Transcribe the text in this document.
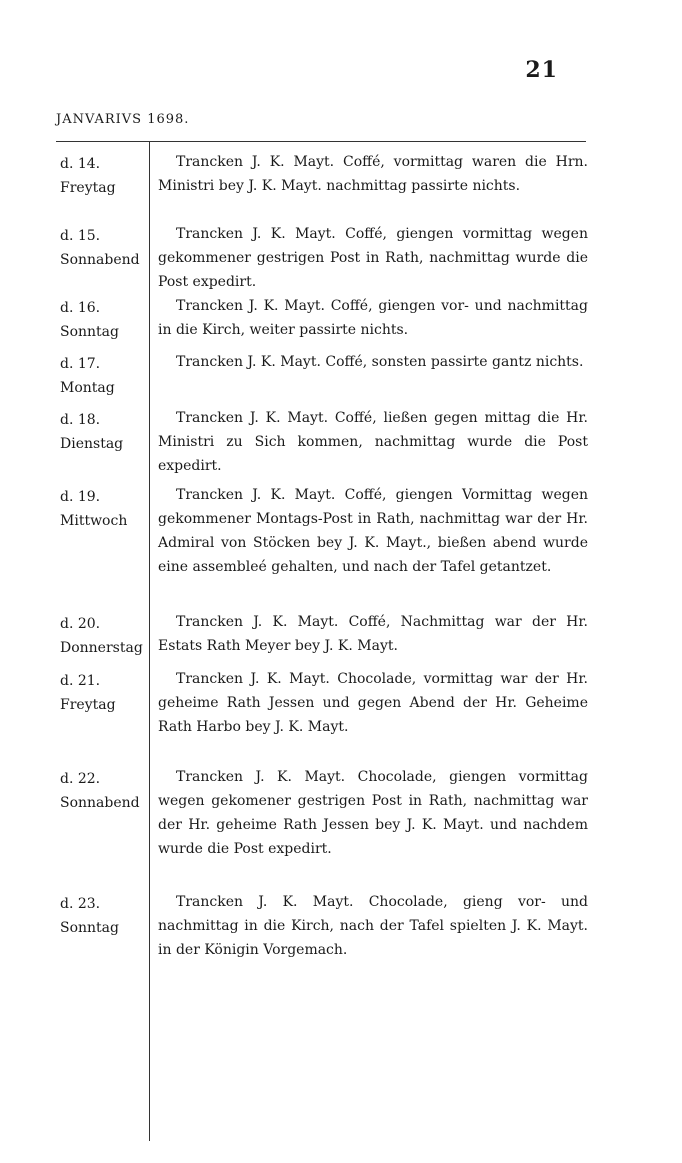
21
JANVARIVS 1698.
d. 14.
Freytag
Trancken J. K. Mayt. Coffé, vormittag waren die Hrn. Ministri bey J. K. Mayt. nachmittag passirte nichts.
d. 15.
Sonnabend
Trancken J. K. Mayt. Coffé, giengen vormittag wegen gekommener gestrigen Post in Rath, nachmittag wurde die Post expedirt.
d. 16.
Sonntag
Trancken J. K. Mayt. Coffé, giengen vor- und nachmittag in die Kirch, weiter passirte nichts.
d. 17.
Montag
Trancken J. K. Mayt. Coffé, sonsten passirte gantz nichts.
d. 18.
Dienstag
Trancken J. K. Mayt. Coffé, ließen gegen mittag die Hr. Ministri zu Sich kommen, nachmittag wurde die Post expedirt.
d. 19.
Mittwoch
Trancken J. K. Mayt. Coffé, giengen Vormittag wegen gekommener Montags-Post in Rath, nachmittag war der Hr. Admiral von Stöcken bey J. K. Mayt., bießen abend wurde eine assembleé gehalten, und nach der Tafel getantzet.
d. 20.
Donnerstag
Trancken J. K. Mayt. Coffé, Nachmittag war der Hr. Estats Rath Meyer bey J. K. Mayt.
d. 21.
Freytag
Trancken J. K. Mayt. Chocolade, vormittag war der Hr. geheime Rath Jessen und gegen Abend der Hr. Geheime Rath Harbo bey J. K. Mayt.
d. 22.
Sonnabend
Trancken J. K. Mayt. Chocolade, giengen vormittag wegen gekomener gestrigen Post in Rath, nachmittag war der Hr. geheime Rath Jessen bey J. K. Mayt. und nachdem wurde die Post expedirt.
d. 23.
Sonntag
Trancken J. K. Mayt. Chocolade, gieng vor- und nachmittag in die Kirch, nach der Tafel spielten J. K. Mayt. in der Königin Vorgemach.
